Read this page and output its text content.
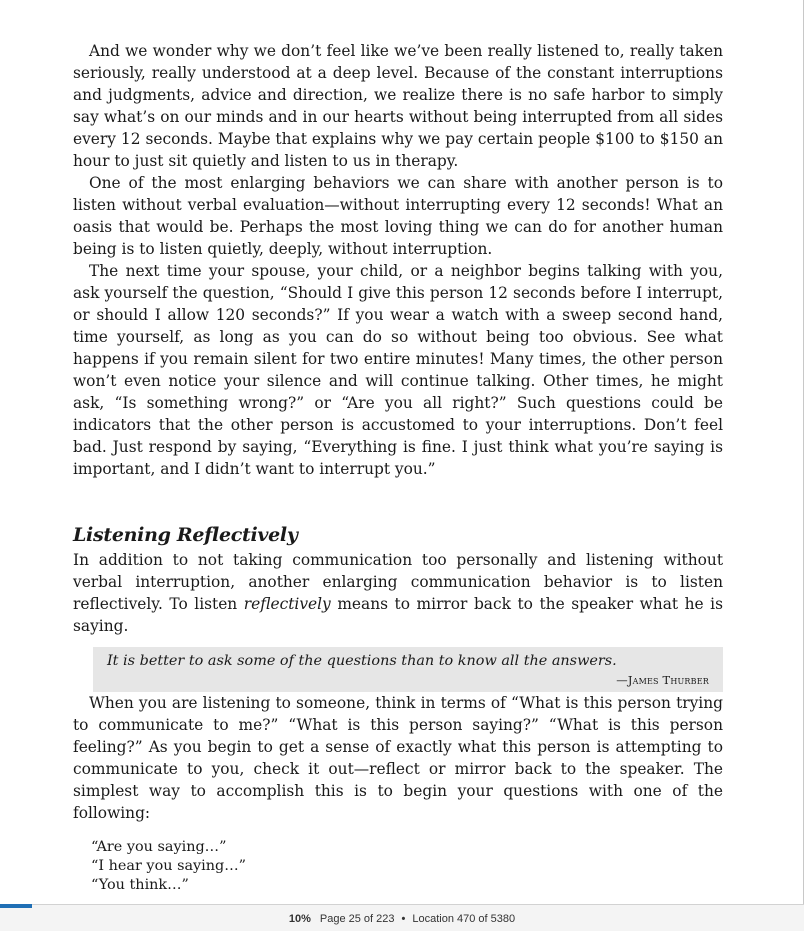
And we wonder why we don’t feel like we’ve been really listened to, really taken seriously, really understood at a deep level. Because of the constant interruptions and judgments, advice and direction, we realize there is no safe harbor to simply say what’s on our minds and in our hearts without being interrupted from all sides every 12 seconds. Maybe that explains why we pay certain people $100 to $150 an hour to just sit quietly and listen to us in therapy.

One of the most enlarging behaviors we can share with another person is to listen without verbal evaluation—without interrupting every 12 seconds! What an oasis that would be. Perhaps the most loving thing we can do for another human being is to listen quietly, deeply, without interruption.

The next time your spouse, your child, or a neighbor begins talking with you, ask yourself the question, “Should I give this person 12 seconds before I interrupt, or should I allow 120 seconds?” If you wear a watch with a sweep second hand, time yourself, as long as you can do so without being too obvious. See what happens if you remain silent for two entire minutes! Many times, the other person won’t even notice your silence and will continue talking. Other times, he might ask, “Is something wrong?” or “Are you all right?” Such questions could be indicators that the other person is accustomed to your interruptions. Don’t feel bad. Just respond by saying, “Everything is fine. I just think what you’re saying is important, and I didn’t want to interrupt you.”

Listening Reflectively

In addition to not taking communication too personally and listening without verbal interruption, another enlarging communication behavior is to listen reflectively. To listen reflectively means to mirror back to the speaker what he is saying.

It is better to ask some of the questions than to know all the answers.
—James Thurber

When you are listening to someone, think in terms of “What is this person trying to communicate to me?” “What is this person saying?” “What is this person feeling?” As you begin to get a sense of exactly what this person is attempting to communicate to you, check it out—reflect or mirror back to the speaker. The simplest way to accomplish this is to begin your questions with one of the following:

“Are you saying…”
“I hear you saying…”
“You think…”
10% Page 25 of 223 • Location 470 of 5380
